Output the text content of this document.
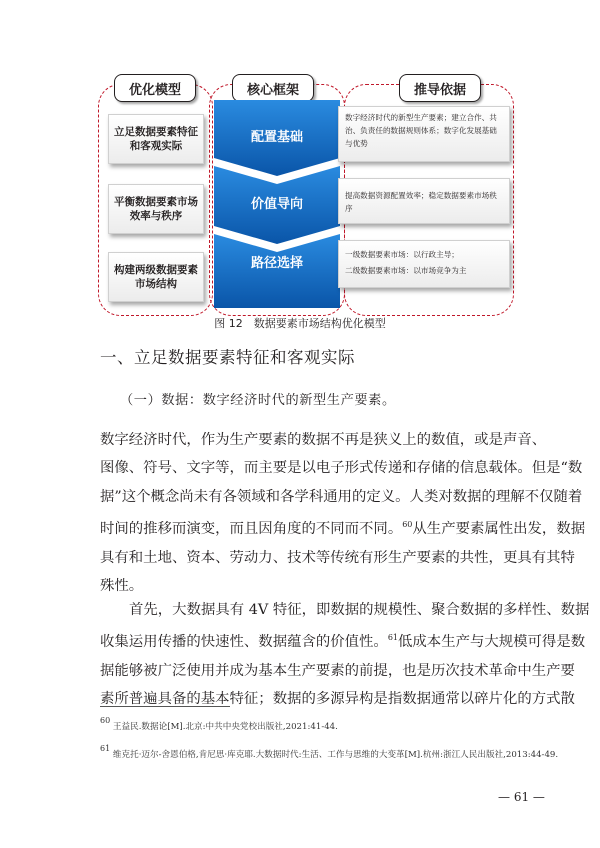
优化模型	核心框架	推导依据
立足数据要素特征和客观实际
平衡数据要素市场效率与秩序
构建两级数据要素市场结构
配置基础
价值导向
路径选择
数字经济时代的新型生产要素；建立合作、共治、负责任的数据规则体系；数字化发展基础与优势
提高数据资源配置效率；稳定数据要素市场秩序
一级数据要素市场：以行政主导；
二级数据要素市场：以市场竞争为主
图 12　数据要素市场结构优化模型
一、立足数据要素特征和客观实际
（一）数据：数字经济时代的新型生产要素。
数字经济时代，作为生产要素的数据不再是狭义上的数值，或是声音、
图像、符号、文字等，而主要是以电子形式传递和存储的信息载体。但是“数
据”这个概念尚未有各领域和各学科通用的定义。人类对数据的理解不仅随着
时间的推移而演变，而且因角度的不同而不同。$^{60}$从生产要素属性出发，数据
具有和土地、资本、劳动力、技术等传统有形生产要素的共性，更具有其特
殊性。
首先，大数据具有 4V 特征，即数据的规模性、聚合数据的多样性、数据
收集运用传播的快速性、数据蕴含的价值性。$^{61}$低成本生产与大规模可得是数
据能够被广泛使用并成为基本生产要素的前提，也是历次技术革命中生产要
素所普遍具备的基本特征；数据的多源异构是指数据通常以碎片化的方式散
$^{60}$ 王益民.数据论[M].北京:中共中央党校出版社,2021:41-44.
$^{61}$ 维克托·迈尔-舍恩伯格,肯尼思·库克耶.大数据时代:生活、工作与思维的大变革[M].杭州:浙江人民出版社,2013:44-49.
— 61 —
